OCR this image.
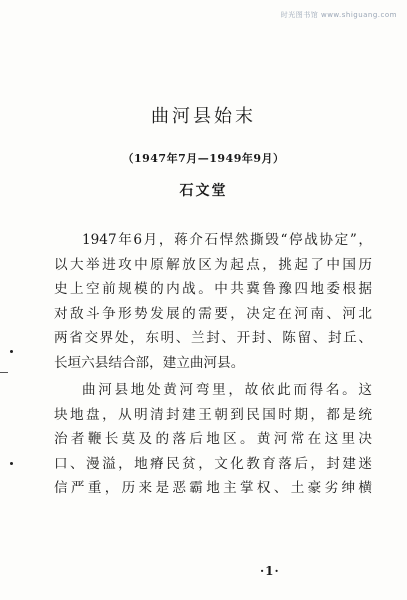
时光图书馆 www.shiguang.com
曲河县始末
（1947年7月—1949年9月）
石文堂
1947年6月，蒋介石悍然撕毁“停战协定”，
以大举进攻中原解放区为起点，挑起了中国历
史上空前规模的内战。中共冀鲁豫四地委根据
对敌斗争形势发展的需要，决定在河南、河北
两省交界处，东明、兰封、开封、陈留、封丘、
长垣六县结合部，建立曲河县。
曲河县地处黄河弯里，故依此而得名。这
块地盘，从明清封建王朝到民国时期，都是统
治者鞭长莫及的落后地区。黄河常在这里决
口、漫溢，地瘠民贫，文化教育落后，封建迷
信严重，历来是恶霸地主掌权、土豪劣绅横
·1·
